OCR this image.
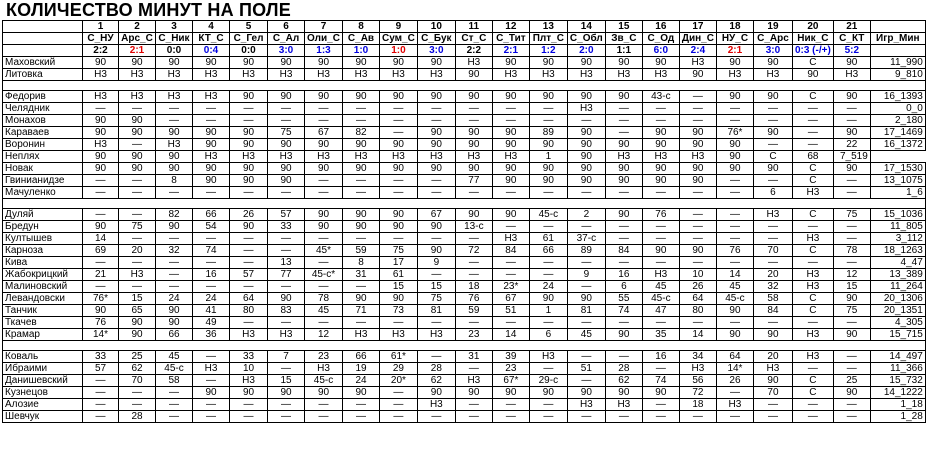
КОЛИЧЕСТВО МИНУТ НА ПОЛЕ
	1	2	3	4	5	6	7	8	9	10	11	12	13	14	15	16	17	18	19	20	21	
	С_НУ	Арс_С	С_Ник	КТ_С	С_Гел	С_Ал	Оли_С	С_Ав	Сум_С	С_Бук	Ст_С	С_Тит	Плт_С	С_Обл	Зв_С	С_Од	Дин_С	НУ_С	С_Арс	Ник_С	С_КТ	Игр_Мин
	2:2	2:1	0:0	0:4	0:0	3:0	1:3	1:0	1:0	3:0	2:2	2:1	1:2	2:0	1:1	6:0	2:4	2:1	3:0	0:3 (-/+)	5:2	
Маховский	90	90	90	90	90	90	90	90	90	90	Н3	90	90	90	90	90	Н3	90	90	С	90	11_990
Литовка	Н3	Н3	Н3	Н3	Н3	Н3	Н3	Н3	Н3	Н3	90	Н3	Н3	Н3	Н3	Н3	90	Н3	Н3	90	Н3	9_810

Федорив	Н3	Н3	Н3	Н3	90	90	90	90	90	90	90	90	90	90	90	43-с	—	90	90	С	90	16_1393
Челядник	—	—	—	—	—	—	—	—	—	—	—	—	—	Н3	—	—	—	—	—	—	—	0_0
Монахов	90	90	—	—	—	—	—	—	—	—	—	—	—	—	—	—	—	—	—	—	—	2_180
Караваев	90	90	90	90	90	75	67	82	—	90	90	90	89	90	—	90	90	76*	90	—	90	17_1469
Воронин	Н3	—	Н3	90	90	90	90	90	90	90	90	90	90	90	90	90	90	90	—	—	22	16_1372
Неплях	90	90	90	Н3	Н3	Н3	Н3	Н3	Н3	Н3	Н3	Н3	1	90	Н3	Н3	Н3	90	С	68	7_519	
Новак	90	90	90	90	90	90	90	90	90	90	90	90	90	90	90	90	90	90	90	С	90	17_1530
Гвинианидзе	—	—	8	90	90	90	—	—	—	—	77	90	90	90	90	90	90	—	—	С	—	13_1075
Мачуленко	—	—	—	—	—	—	—	—	—	—	—	—	—	—	—	—	—	—	6	Н3	—	1_6

Дуляй	—	—	82	66	26	57	90	90	90	67	90	90	45-с	2	90	76	—	—	Н3	С	75	15_1036
Бредун	90	75	90	54	90	33	90	90	90	90	13-с	—	—	—	—	—	—	—	—	—	—	11_805
Култышев	14	—	—	—	—	—	—	—	—	—	—	Н3	61	37-с	—	—	—	—	—	Н3	—	3_112
Карноза	69	20	32	74	—	—	45*	59	75	90	72	84	66	89	84	90	90	76	70	С	78	18_1263
Кива	—	—	—	—	—	13	—	8	17	9	—	—	—	—	—	—	—	—	—	—	—	4_47
Жабокрицкий	21	Н3	—	16	57	77	45-с*	31	61	—	—	—	—	9	16	Н3	10	14	20	Н3	12	13_389
Малиновский	—	—	—	—	—	—	—	—	15	15	18	23*	24	—	6	45	26	45	32	Н3	15	11_264
Левандовски	76*	15	24	24	64	90	78	90	90	75	76	67	90	90	55	45-с	64	45-с	58	С	90	20_1306
Танчик	90	65	90	41	80	83	45	71	73	81	59	51	1	81	74	47	80	90	84	С	75	20_1351
Ткачев	76	90	90	49	—	—	—	—	—	—	—	—	—	—	—	—	—	—	—	—	—	4_305
Крамар	14*	90	66	36	Н3	Н3	12	Н3	Н3	Н3	23	14	6	45	90	35	14	90	90	Н3	90	15_715

Коваль	33	25	45	—	33	7	23	66	61*	—	31	39	Н3	—	—	16	34	64	20	Н3	—	14_497
Ибраими	57	62	45-с	Н3	10	—	Н3	19	29	28	—	23	—	51	28	—	Н3	14*	Н3	—	—	11_366
Данишевский	—	70	58	—	Н3	15	45-с	24	20*	62	Н3	67*	29-с	—	62	74	56	26	90	С	25	15_732
Кузнецов	—	—	—	90	90	90	90	90	—	90	90	90	90	90	90	90	72	—	70	С	90	14_1222
Алозие	—	—	—	—	—	—	—	—	—	Н3	—	—	—	Н3	Н3	—	18	Н3	—	—	—	1_18
Шевчук	—	28	—	—	—	—	—	—	—	—	—	—	—	—	—	—	—	—	—	—	—	1_28
